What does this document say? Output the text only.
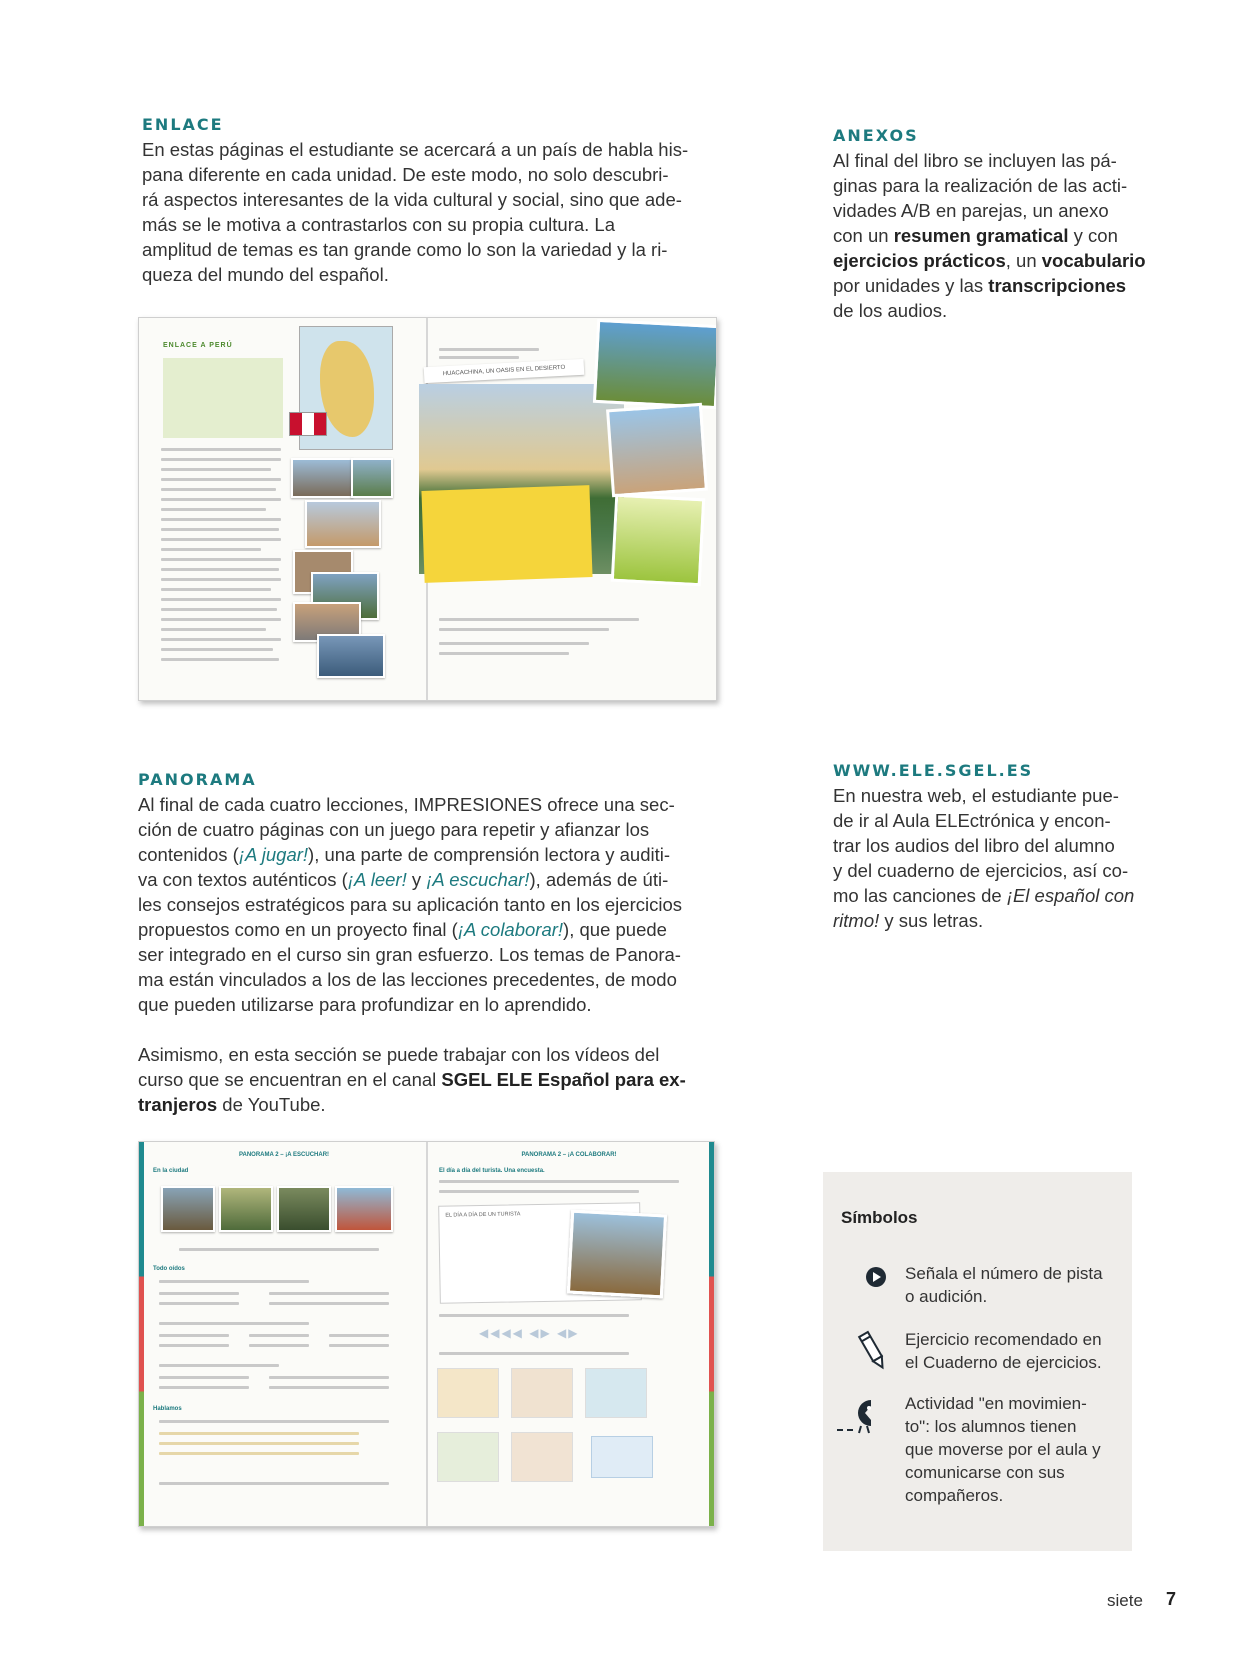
ENLACE
En estas páginas el estudiante se acercará a un país de habla his-
pana diferente en cada unidad. De este modo, no solo descubri-
rá aspectos interesantes de la vida cultural y social, sino que ade-
más se le motiva a contrastarlos con su propia cultura. La
amplitud de temas es tan grande como lo son la variedad y la ri-
queza del mundo del español.
ENLACE A PERÚ
HUACACHINA, UN OASIS EN EL DESIERTO
ANEXOS
Al final del libro se incluyen las pá-
ginas para la realización de las acti-
vidades A/B en parejas, un anexo
con un resumen gramatical y con
ejercicios prácticos, un vocabulario
por unidades y las transcripciones
de los audios.
PANORAMA
Al final de cada cuatro lecciones, IMPRESIONES ofrece una sec-
ción de cuatro páginas con un juego para repetir y afianzar los
contenidos (¡A jugar!), una parte de comprensión lectora y auditi-
va con textos auténticos (¡A leer! y ¡A escuchar!), además de úti-
les consejos estratégicos para su aplicación tanto en los ejercicios
propuestos como en un proyecto final (¡A colaborar!), que puede
ser integrado en el curso sin gran esfuerzo. Los temas de Panora-
ma están vinculados a los de las lecciones precedentes, de modo
que pueden utilizarse para profundizar en lo aprendido.
Asimismo, en esta sección se puede trabajar con los vídeos del
curso que se encuentran en el canal SGEL ELE Español para ex-
tranjeros de YouTube.
PANORAMA 2 – ¡A ESCUCHAR!	PANORAMA 2 – ¡A COLABORAR!
En la ciudad
Todo oídos
Hablamos
El día a día del turista. Una encuesta.
EL DÍA A DÍA DE UN TURISTA
◀◀◀◀ ◀▶ ◀▶
WWW.ELE.SGEL.ES
En nuestra web, el estudiante pue-
de ir al Aula ELEctrónica y encon-
trar los audios del libro del alumno
y del cuaderno de ejercicios, así co-
mo las canciones de ¡El español con
ritmo! y sus letras.
Símbolos
Señala el número de pista
o audición.
Ejercicio recomendado en
el Cuaderno de ejercicios.
Actividad "en movimien-
to": los alumnos tienen
que moverse por el aula y
comunicarse con sus
compañeros.
siete 7
